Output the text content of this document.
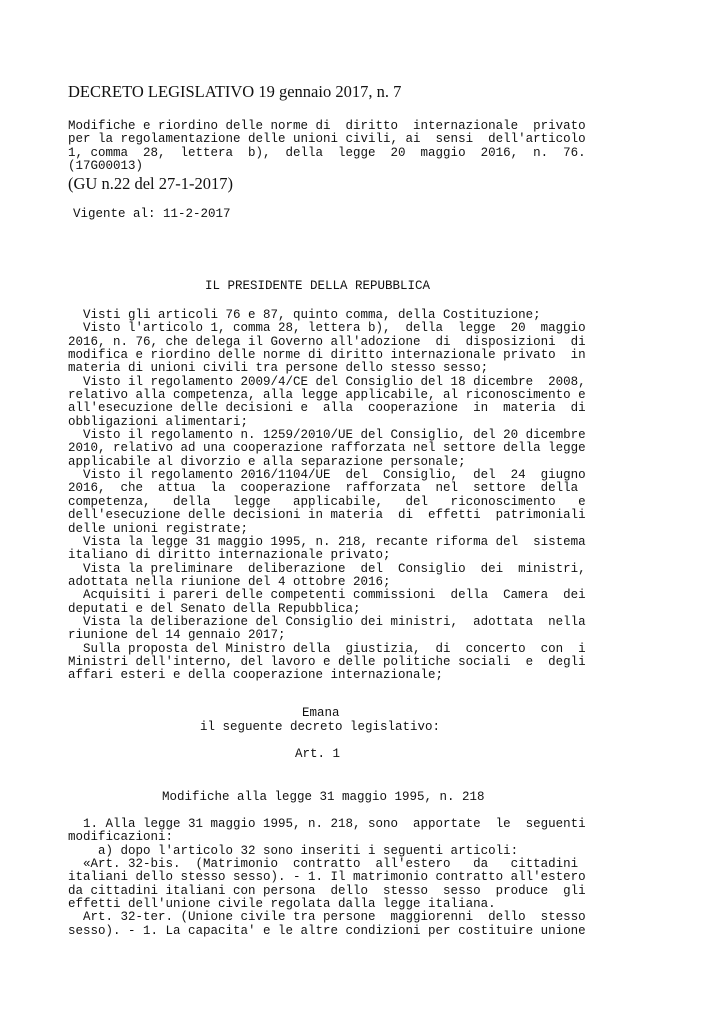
DECRETO LEGISLATIVO 19 gennaio 2017, n. 7
Modifiche e riordino delle norme di  diritto  internazionale  privato
per la regolamentazione delle unioni civili, ai  sensi  dell'articolo
1, comma  28,  lettera  b),  della  legge  20  maggio  2016,  n.  76.
(17G00013)
(GU n.22 del 27-1-2017)
Vigente al: 11-2-2017
IL PRESIDENTE DELLA REPUBBLICA
Visti gli articoli 76 e 87, quinto comma, della Costituzione;
Visto l'articolo 1, comma 28, lettera b),  della  legge  20  maggio
2016, n. 76, che delega il Governo all'adozione  di  disposizioni  di
modifica e riordino delle norme di diritto internazionale privato  in
materia di unioni civili tra persone dello stesso sesso;
Visto il regolamento 2009/4/CE del Consiglio del 18 dicembre  2008,
relativo alla competenza, alla legge applicabile, al riconoscimento e
all'esecuzione delle decisioni e  alla  cooperazione  in  materia  di
obbligazioni alimentari;
Visto il regolamento n. 1259/2010/UE del Consiglio, del 20 dicembre
2010, relativo ad una cooperazione rafforzata nel settore della legge
applicabile al divorzio e alla separazione personale;
Visto il regolamento 2016/1104/UE  del  Consiglio,  del  24  giugno
2016,  che  attua  la  cooperazione  rafforzata  nel  settore  della
competenza,   della   legge   applicabile,   del   riconoscimento   e
dell'esecuzione delle decisioni in materia  di  effetti  patrimoniali
delle unioni registrate;
Vista la legge 31 maggio 1995, n. 218, recante riforma del  sistema
italiano di diritto internazionale privato;
Vista la preliminare  deliberazione  del  Consiglio  dei  ministri,
adottata nella riunione del 4 ottobre 2016;
Acquisiti i pareri delle competenti commissioni  della  Camera  dei
deputati e del Senato della Repubblica;
Vista la deliberazione del Consiglio dei ministri,  adottata  nella
riunione del 14 gennaio 2017;
Sulla proposta del Ministro della  giustizia,  di  concerto  con  i
Ministri dell'interno, del lavoro e delle politiche sociali  e  degli
affari esteri e della cooperazione internazionale;
Emana
il seguente decreto legislativo:
Art. 1
Modifiche alla legge 31 maggio 1995, n. 218
1. Alla legge 31 maggio 1995, n. 218, sono  apportate  le  seguenti
modificazioni:
a) dopo l'articolo 32 sono inseriti i seguenti articoli:
«Art. 32-bis.  (Matrimonio  contratto  all'estero   da   cittadini
italiani dello stesso sesso). - 1. Il matrimonio contratto all'estero
da cittadini italiani con persona  dello  stesso  sesso  produce  gli
effetti dell'unione civile regolata dalla legge italiana.
Art. 32-ter. (Unione civile tra persone  maggiorenni  dello  stesso
sesso). - 1. La capacita' e le altre condizioni per costituire unione
